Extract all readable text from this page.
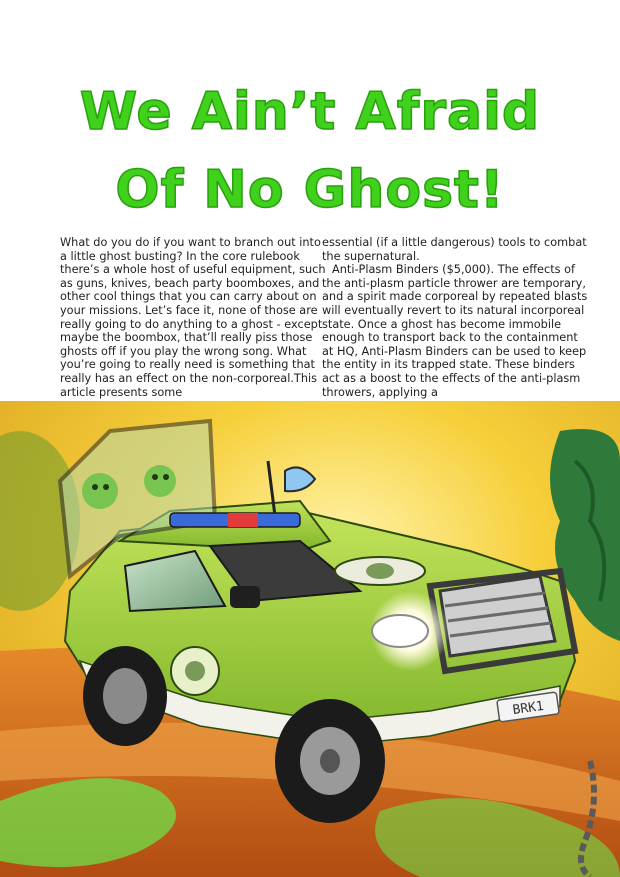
We Ain’t Afraid
Of No Ghost!

What do you do if you want to branch out into a little ghost busting? In the core rulebook there’s a whole host of useful equipment, such as guns, knives, beach party boomboxes, and other cool things that you can carry about on your missions. Let’s face it, none of those are really going to do anything to a ghost - except maybe the boombox, that’ll really piss those ghosts off if you play the wrong song. What you’re going to really need is something that really has an effect on the non-corporeal.This article presents some

essential (if a little dangerous) tools to combat the supernatural.

Anti-Plasm Binders ($5,000). The effects of the anti-plasm particle thrower are temporary, and a spirit made corporeal by repeated blasts will eventually revert to its natural incorporeal state. Once a ghost has become immobile enough to transport back to the containment at HQ, Anti-Plasm Binders can be used to keep the entity in its trapped state. These binders act as a boost to the effects of the anti-plasm throwers, applying a

BRK1
